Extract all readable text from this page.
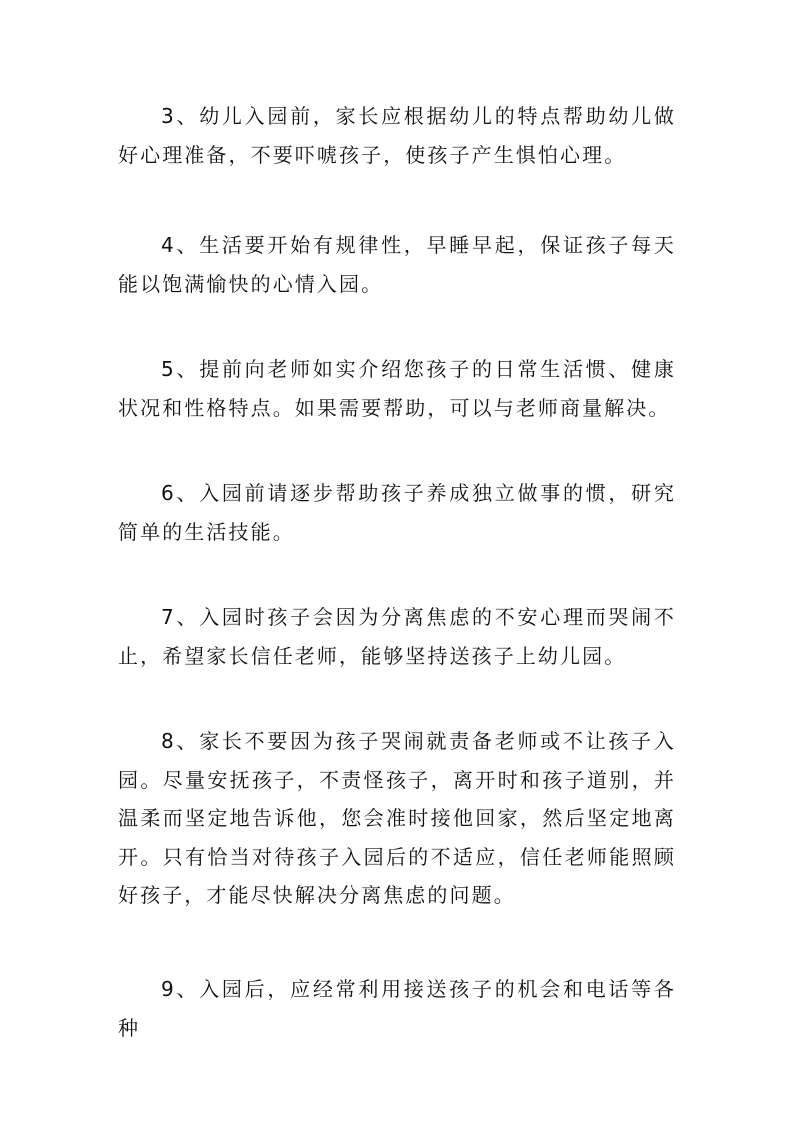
3、幼儿入园前，家长应根据幼儿的特点帮助幼儿做好心理准备，不要吓唬孩子，使孩子产生惧怕心理。

4、生活要开始有规律性，早睡早起，保证孩子每天能以饱满愉快的心情入园。

5、提前向老师如实介绍您孩子的日常生活惯、健康状况和性格特点。如果需要帮助，可以与老师商量解决。

6、入园前请逐步帮助孩子养成独立做事的惯，研究简单的生活技能。

7、入园时孩子会因为分离焦虑的不安心理而哭闹不止，希望家长信任老师，能够坚持送孩子上幼儿园。

8、家长不要因为孩子哭闹就责备老师或不让孩子入园。尽量安抚孩子，不责怪孩子，离开时和孩子道别，并温柔而坚定地告诉他，您会准时接他回家，然后坚定地离开。只有恰当对待孩子入园后的不适应，信任老师能照顾好孩子，才能尽快解决分离焦虑的问题。

9、入园后，应经常利用接送孩子的机会和电话等各种
